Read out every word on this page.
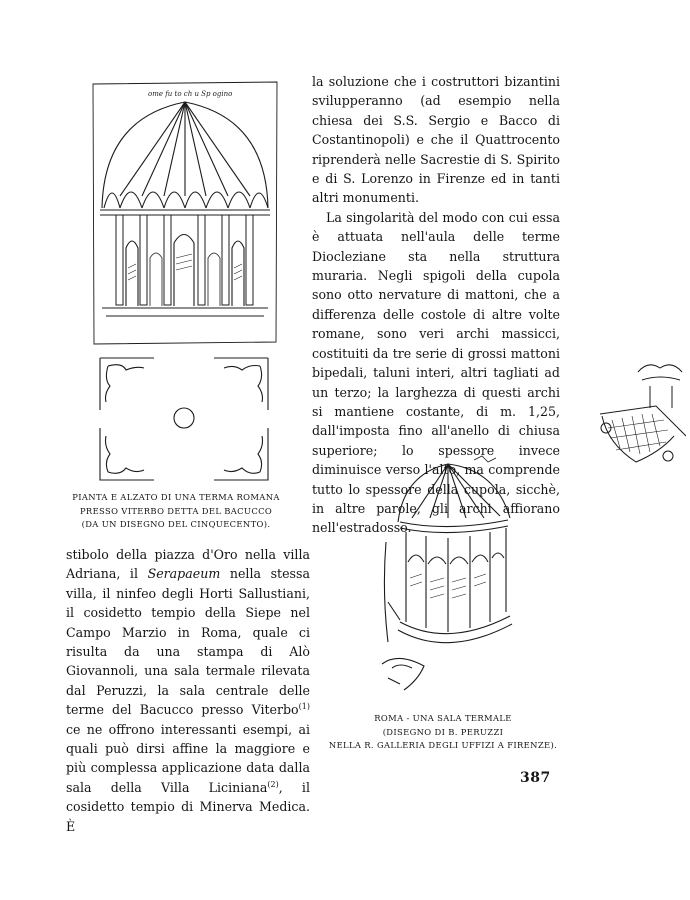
ome fu to ch u Sp ogino
PIANTA E ALZATO DI UNA TERMA ROMANA
PRESSO VITERBO DETTA DEL BACUCCO
(DA UN DISEGNO DEL CINQUECENTO).

la soluzione che i costruttori bizantini svilupperanno (ad esempio nella chiesa dei S.S. Sergio e Bacco di Costantinopoli) e che il Quattrocento riprenderà nelle Sacrestie di S. Spirito e di S. Lorenzo in Firenze ed in tanti altri monumenti.

La singolarità del modo con cui essa è attuata nell'aula delle terme Diocleziane sta nella struttura muraria. Negli spigoli della cupola sono otto nervature di mattoni, che a differenza delle costole di altre volte romane, sono veri archi massicci, costituiti da tre serie di grossi mattoni bipedali, taluni interi, altri tagliati ad un terzo; la larghezza di questi archi si mantiene costante, di m. 1,25, dall'imposta fino all'anello di chiusa superiore; lo spessore invece diminuisce verso l'alto, ma comprende tutto lo spessore della cupola, sicchè, in altre parole, gli archi affiorano nell'estradosso.

stibolo della piazza d'Oro nella villa Adriana, il Serapaeum nella stessa villa, il ninfeo degli Horti Sallustiani, il cosidetto tempio della Siepe nel Campo Marzio in Roma, quale ci risulta da una stampa di Alò Giovannoli, una sala termale rilevata dal Peruzzi, la sala centrale delle terme del Bacucco presso Viterbo$^{(1)}$ ce ne offrono interessanti esempi, ai quali può dirsi affine la maggiore e più complessa applicazione data dalla sala della Villa Liciniana$^{(2)}$, il cosidetto tempio di Minerva Medica. È

ROMA - UNA SALA TERMALE
(DISEGNO DI B. PERUZZI
NELLA R. GALLERIA DEGLI UFFIZI A FIRENZE).
387
